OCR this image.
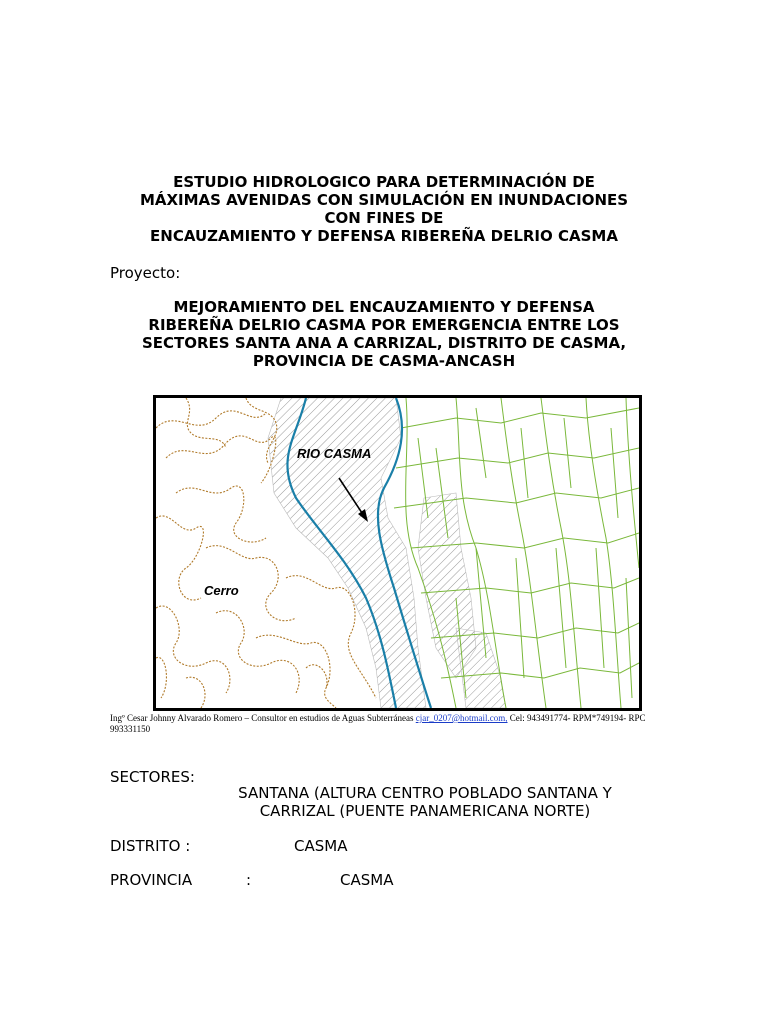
ESTUDIO HIDROLOGICO PARA DETERMINACIÓN DE
MÁXIMAS AVENIDAS CON SIMULACIÓN EN INUNDACIONES
CON FINES DE
ENCAUZAMIENTO Y DEFENSA RIBEREÑA DELRIO CASMA
Proyecto:
MEJORAMIENTO DEL ENCAUZAMIENTO Y DEFENSA
RIBEREÑA DELRIO CASMA POR EMERGENCIA ENTRE LOS
SECTORES SANTA ANA A CARRIZAL, DISTRITO DE CASMA,
PROVINCIA DE CASMA-ANCASH
RIO CASMA
Cerro
Ingº Cesar Johnny Alvarado Romero – Consultor en estudios de Aguas Subterráneas cjar_0207@hotmail.com, Cel: 943491774- RPM*749194- RPC 993331150
SECTORES:
SANTANA (ALTURA CENTRO POBLADO SANTANA Y
CARRIZAL (PUENTE PANAMERICANA NORTE)
DISTRITO :	CASMA
PROVINCIA	:	CASMA
